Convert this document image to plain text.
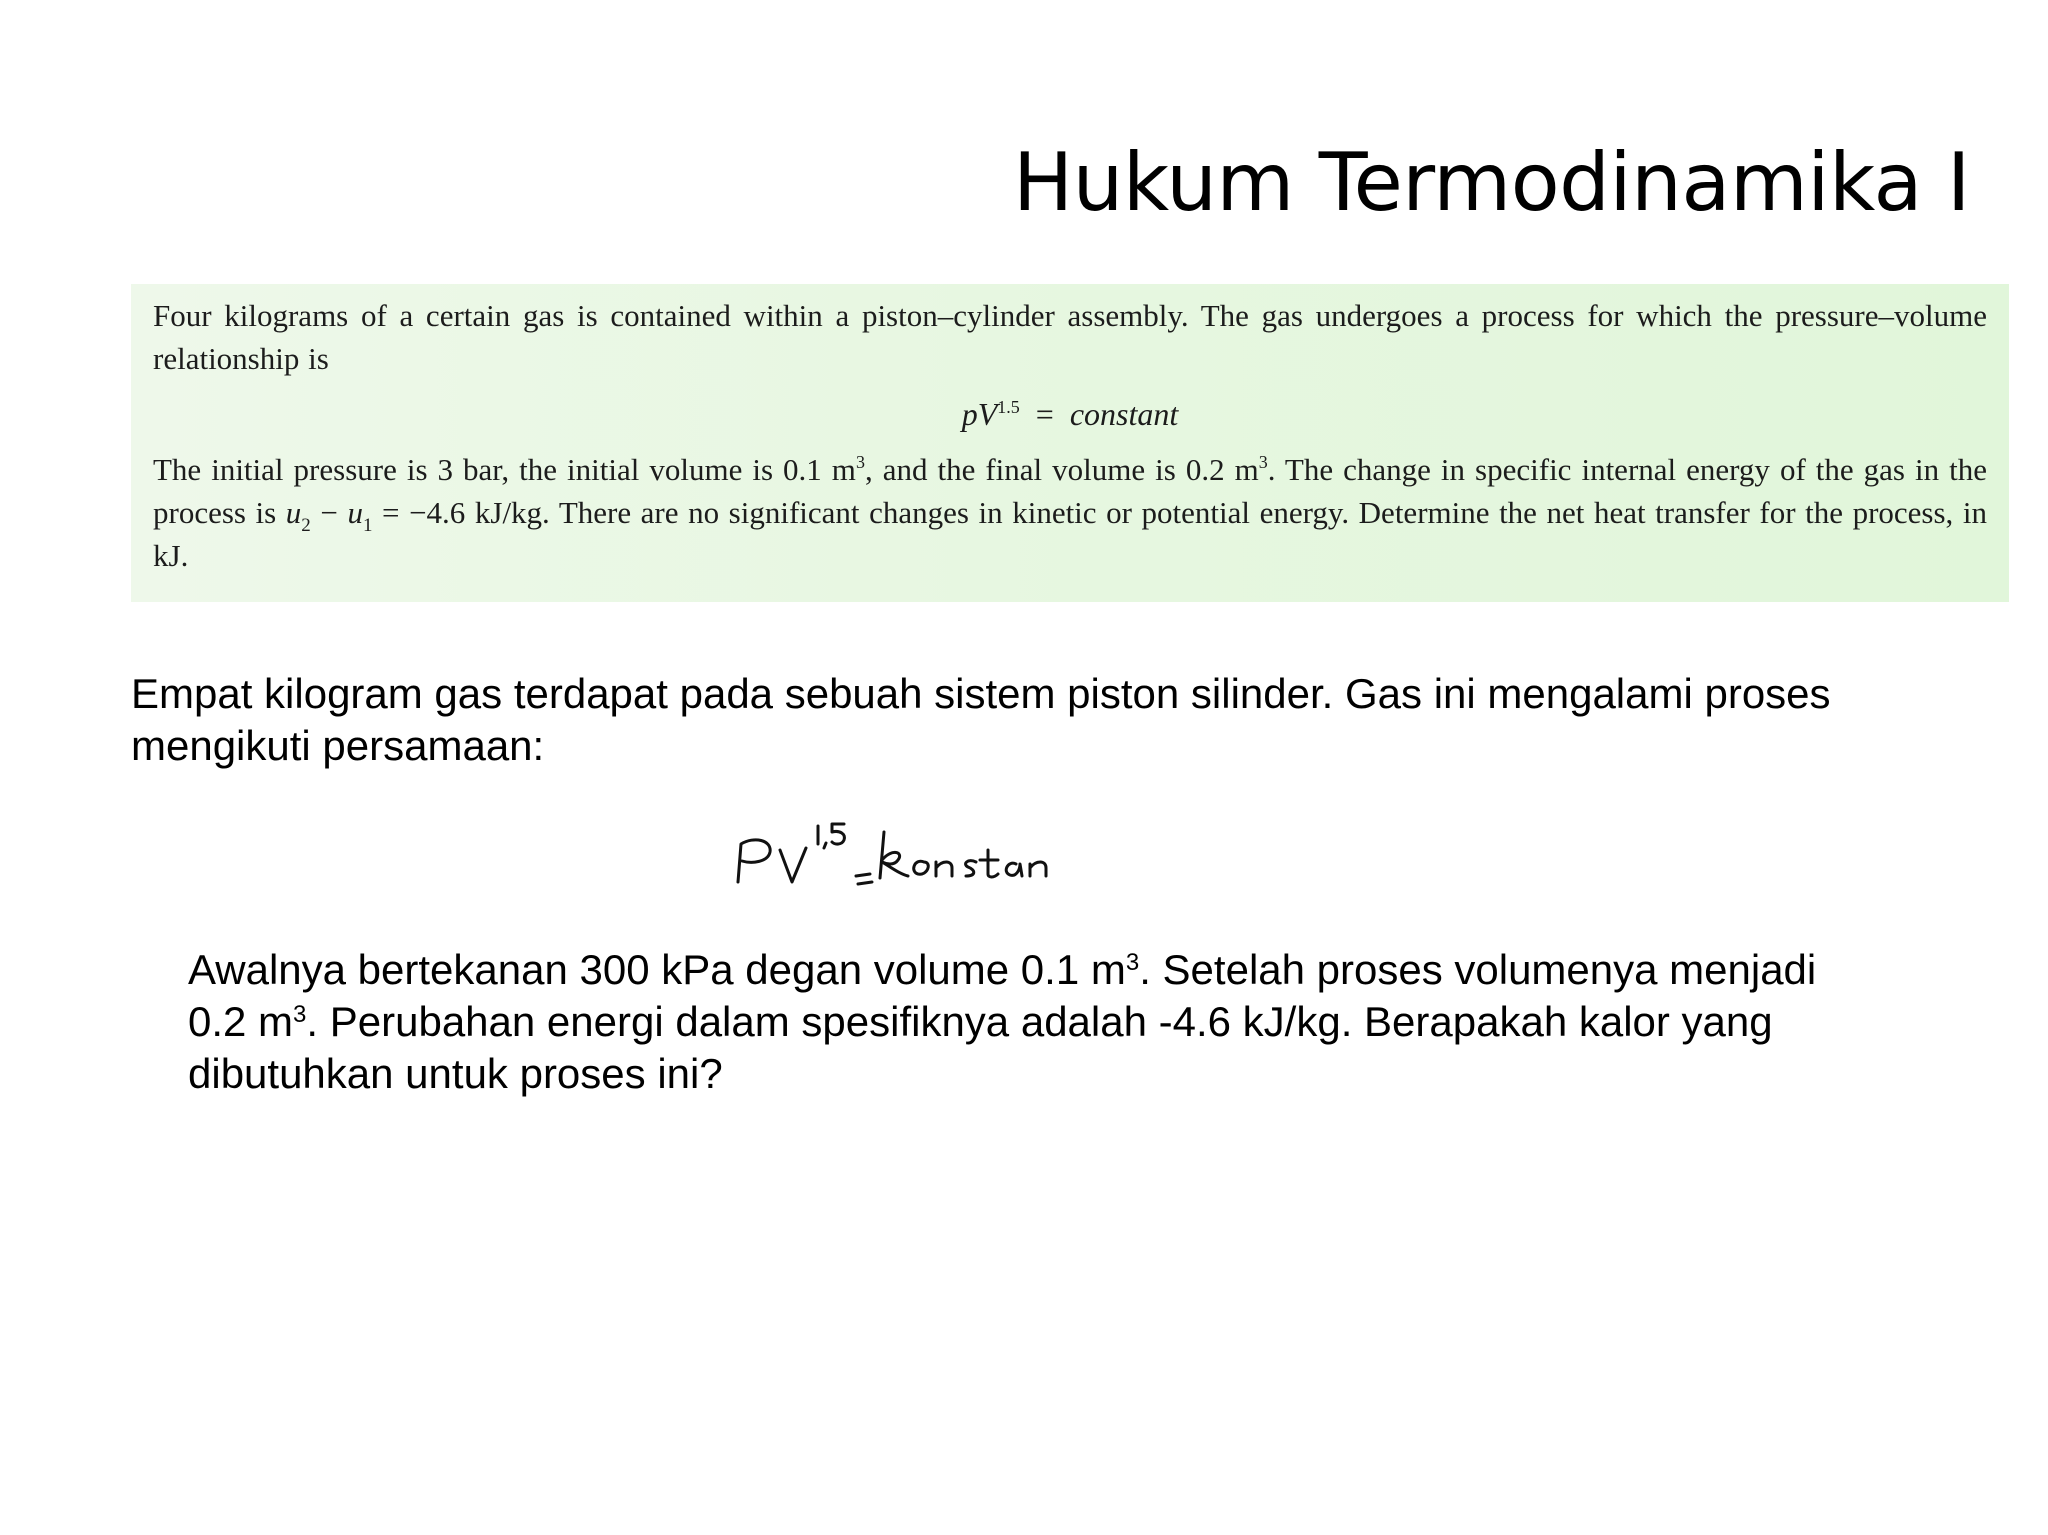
Hukum Termodinamika I

Four kilograms of a certain gas is contained within a piston–cylinder assembly. The gas undergoes a process for which the pressure–volume relationship is

$pV^{1.5}$ = constant

The initial pressure is 3 bar, the initial volume is 0.1 $m^3$, and the final volume is 0.2 $m^3$. The change in specific internal energy of the gas in the process is $u_2 - u_1 = -4.6$ kJ/kg. There are no significant changes in kinetic or potential energy. Determine the net heat transfer for the process, in kJ.

Empat kilogram gas terdapat pada sebuah sistem piston silinder. Gas ini mengalami proses mengikuti persamaan:

Awalnya bertekanan 300 kPa degan volume 0.1 $m^3$. Setelah proses volumenya menjadi 0.2 $m^3$. Perubahan energi dalam spesifiknya adalah -4.6 kJ/kg. Berapakah kalor yang dibutuhkan untuk proses ini?
